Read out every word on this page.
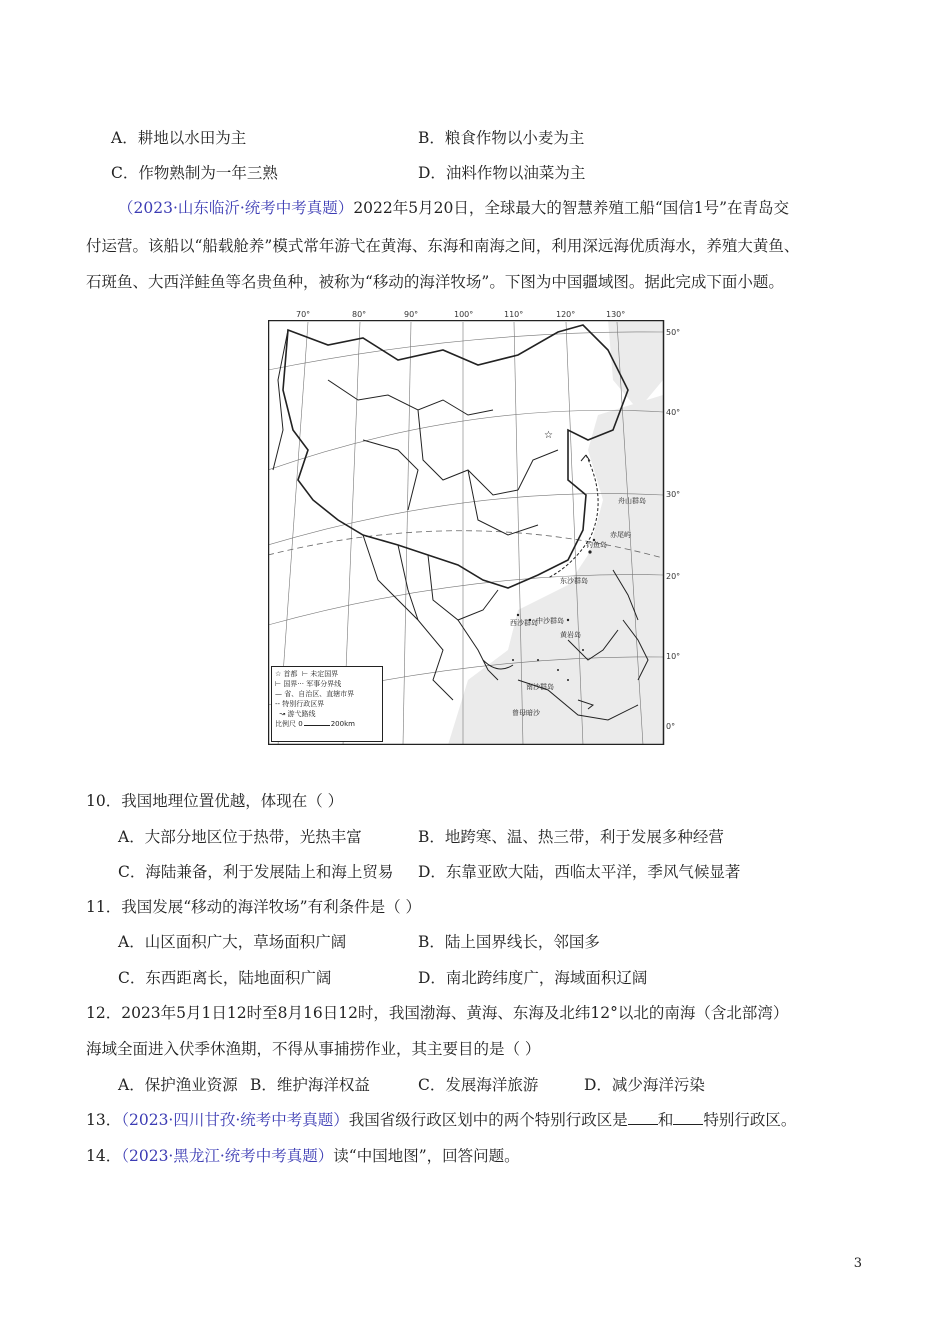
A．耕地以水田为主	B．粮食作物以小麦为主
C．作物熟制为一年三熟	D．油料作物以油菜为主
（2023·山东临沂·统考中考真题）2022年5月20日，全球最大的智慧养殖工船“国信1号”在青岛交
付运营。该船以“船载舱养”模式常年游弋在黄海、东海和南海之间，利用深远海优质海水，养殖大黄鱼、
石斑鱼、大西洋鲑鱼等名贵鱼种，被称为“移动的海洋牧场”。下图为中国疆域图。据此完成下面小题。
☆
70°	80°	90°	100°	110°	120°	130°
50°
40°
30°
20°
10°
0°
舟山群岛
钓鱼岛
赤尾屿
东沙群岛
西沙群岛
中沙群岛
黄岩岛
南沙群岛
曾母暗沙
☆ 首都  ⊢ 未定国界
⊢ 国界··· 军事分界线
— 省、自治区、直辖市界
-- 特别行政区界
↝ 游弋路线
比例尺 0	200km
10．我国地理位置优越，体现在（ ）
A．大部分地区位于热带，光热丰富	B．地跨寒、温、热三带，利于发展多种经营
C．海陆兼备，利于发展陆上和海上贸易 D．东靠亚欧大陆，西临太平洋，季风气候显著
11．我国发展“移动的海洋牧场”有利条件是（ ）
A．山区面积广大，草场面积广阔	B．陆上国界线长，邻国多
C．东西距离长，陆地面积广阔	D．南北跨纬度广，海域面积辽阔
12．2023年5月1日12时至8月16日12时，我国渤海、黄海、东海及北纬12°以北的南海（含北部湾）
海域全面进入伏季休渔期，不得从事捕捞作业，其主要目的是（ ）
A．保护渔业资源 B．维护海洋权益	C．发展海洋旅游	D．减少海洋污染
13．（2023·四川甘孜·统考中考真题）我国省级行政区划中的两个特别行政区是 和 特别行政区。
14．（2023·黑龙江·统考中考真题）读“中国地图”，回答问题。
3
